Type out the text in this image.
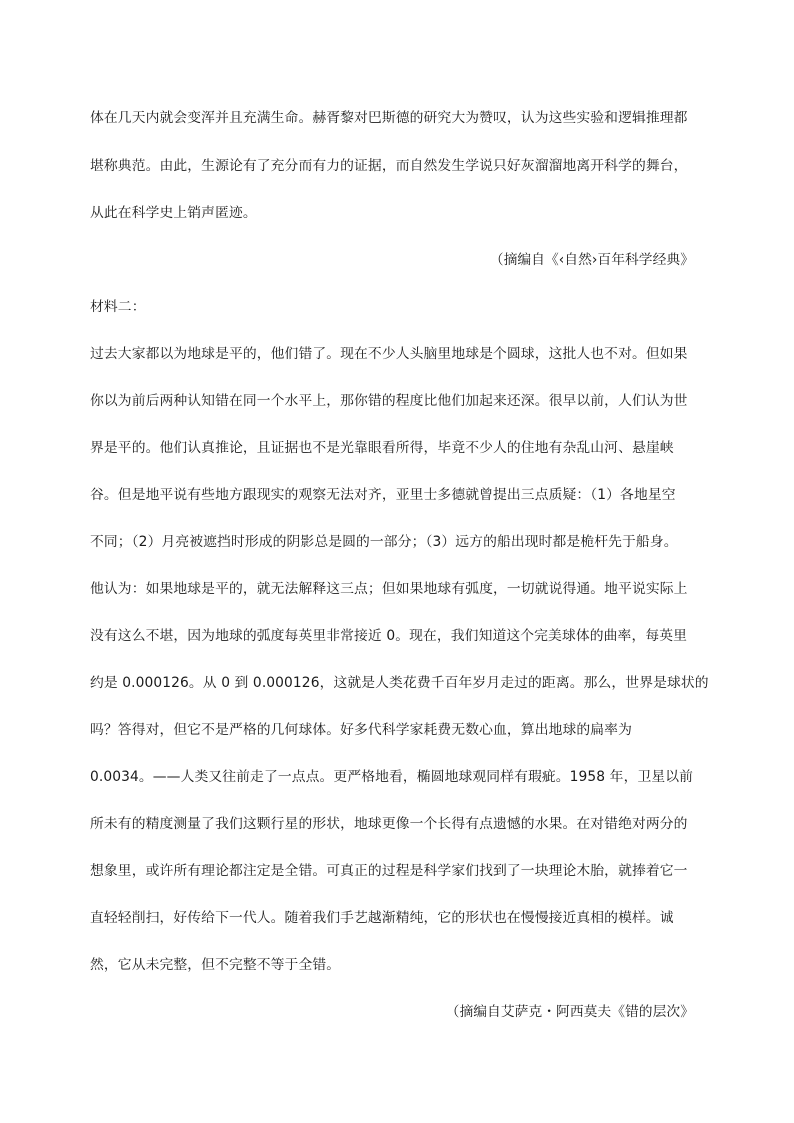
体在几天内就会变浑并且充满生命。赫胥黎对巴斯德的研究大为赞叹，认为这些实验和逻辑推理都
堪称典范。由此，生源论有了充分而有力的证据，而自然发生学说只好灰溜溜地离开科学的舞台，
从此在科学史上销声匿迹。
（摘编自《‹自然›百年科学经典》
材料二：
过去大家都以为地球是平的，他们错了。现在不少人头脑里地球是个圆球，这批人也不对。但如果
你以为前后两种认知错在同一个水平上，那你错的程度比他们加起来还深。很早以前，人们认为世
界是平的。他们认真推论，且证据也不是光靠眼看所得，毕竟不少人的住地有杂乱山河、悬崖峡
谷。但是地平说有些地方跟现实的观察无法对齐，亚里士多德就曾提出三点质疑：（1）各地星空
不同；（2）月亮被遮挡时形成的阴影总是圆的一部分；（3）远方的船出现时都是桅杆先于船身。
他认为：如果地球是平的，就无法解释这三点；但如果地球有弧度，一切就说得通。地平说实际上
没有这么不堪，因为地球的弧度每英里非常接近 0。现在，我们知道这个完美球体的曲率，每英里
约是 0.000126。从 0 到 0.000126，这就是人类花费千百年岁月走过的距离。那么，世界是球状的
吗？答得对，但它不是严格的几何球体。好多代科学家耗费无数心血，算出地球的扁率为
0.0034。——人类又往前走了一点点。更严格地看，椭圆地球观同样有瑕疵。1958 年，卫星以前
所未有的精度测量了我们这颗行星的形状，地球更像一个长得有点遗憾的水果。在对错绝对两分的
想象里，或许所有理论都注定是全错。可真正的过程是科学家们找到了一块理论木胎，就捧着它一
直轻轻削扫，好传给下一代人。随着我们手艺越渐精纯，它的形状也在慢慢接近真相的模样。诚
然，它从未完整，但不完整不等于全错。
（摘编自艾萨克・阿西莫夫《错的层次》
